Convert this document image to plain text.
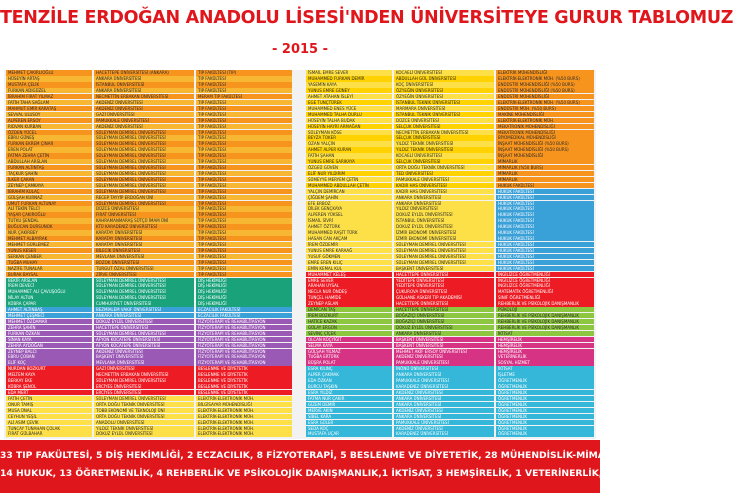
TENZİLE ERDOĞAN ANADOLU LİSESİ'NDEN ÜNİVERSİTEYE GURUR TABLOMUZ
- 2015 -
MEHMET ÇAKIRLIOĞLU
HÜSEYİN ARTAŞ
MUSTAFA ÇELİK
FURKAN ADIGÜZEL
İBRAHİM FIRAT YILMAZ
FATİH TAHA SAĞLAM
MAHMUT EMİR KARATAŞ
SEVVAL ULUSOY
ALPEREN ERSOY
RIDVAN KURBAN
ÖZDEN YÜCEL
EBRU GÜNEŞ
FURKAN EKREM ÇINAR
EREN POLAT
FATMA ZEHRA ÇETİN
ABDULLAH ARSLAN
FURKAN ALTINTAŞ
TAÇKUR ŞAHİN
İLKER ÇAKAN
ZEYNEP ÇAMKAYA
İBRAHİM KULAÇ
GÜLŞAH KURNAZ
UMUT FURKAN ALTUNAY
ALİ TEKİN TELCİ
YAŞAR ÇAKIROĞLU
TUTKU ŞENDAL
BUĞUCAN DURSUNOK
NUR ÇAKIRBEY
MEHMET ALBAYRAK
MEHMET GÜRLEMEZ
YUNUS KESER
SERKAN ÇENBER
TUĞBA MUHAY
NAZİFE TUNALAR
BURAK BAYSAL
BEKİR ARSLAN
İREM DEVECİ
MUHAMMET ALİ ÇAVUŞOĞLU
NİLAY ALTUN
KÜBRA ÇAPAR
AHMET ALTINBAŞ
MEHMET ÇEŞMECİ
MEHMET ÖZDAMAR
ZEHRA ŞAHİN
FURKAN ÖZKAN
SİNAN KAYA
ZEHRA AYDOĞAN
ZEYNEP BALCI
EBRU ÇOBAN
ELİF KOÇ
NURDAN BOZKURT
MELTEM KAYA
BERKAY EKE
KÜBRA ŞENOL
EDA MERT
FATİH ÇETİN
ONUR TAMIŞ
MUSA ÜNAL
CEYHUN YEŞİL
ALİ ASIM ÇEVİK
TUNCAY TUNAHAN ÇOLAK
FIRAT GÜLBAHAR
HACETTEPE ÜNİVERSİTESİ (ANKARA)
ANKARA ÜNİVERSİTESİ
İSTANBUL ÜNİVERSİTESİ
ANKARA ÜNİVERSİTESİ
NECMETTİN ERBAKAN ÜNİVERSİTESİ
AKDENİZ ÜNİVERSİTESİ
AKDENİZ ÜNİVERSİTESİ
GAZİ ÜNİVERSİTESİ
PAMUKKALE ÜNİVERSİTESİ
AKDENİZ ÜNİVERSİTESİ
SÜLEYMAN DEMİREL ÜNİVERSİTESİ
SÜLEYMAN DEMİREL ÜNİVERSİTESİ
SÜLEYMAN DEMİREL ÜNİVERSİTESİ
SÜLEYMAN DEMİREL ÜNİVERSİTESİ
SÜLEYMAN DEMİREL ÜNİVERSİTESİ
SÜLEYMAN DEMİREL ÜNİVERSİTESİ
SÜLEYMAN DEMİREL ÜNİVERSİTESİ
SÜLEYMAN DEMİREL ÜNİVERSİTESİ
SÜLEYMAN DEMİREL ÜNİVERSİTESİ
SÜLEYMAN DEMİREL ÜNİVERSİTESİ
SÜLEYMAN DEMİREL ÜNİVERSİTESİ
RECEP TAYYİP ERDOĞAN ÜNİ
SÜLEYMAN DEMİREL ÜNİVERSİTESİ
DÜZCE ÜNİVERSİTESİ
FIRAT ÜNİVERSİTESİ
KAHRAMANMARAŞ SÜTÇÜ İMAM ÜNİ
KTÜ KARADENİZ ÜNİVERSİTESİ
KARATAY ÜNİVERSİTESİ
KARATAY ÜNİVERSİTESİ
KARATAY ÜNİVERSİTESİ
BİLECİK ÜNİVERSİTESİ
MEVLANA ÜNİVERSİTESİ
BOZOK ÜNİVERSİTESİ
TURGUT ÖZAL ÜNİVERSİTESİ
ZİRVE ÜNİVERSİTESİ
SÜLEYMAN DEMİREL ÜNİVERSİTESİ
SÜLEYMAN DEMİREL ÜNİVERSİTESİ
SÜLEYMAN DEMİREL ÜNİVERSİTESİ
SÜLEYMAN DEMİREL ÜNİVERSİTESİ
CUMHURİYET ÜNİVERSİTESİ
BEZMİALEM VAKIF ÜNİVERSİTESİ
ANKARA ÜNİVERSİTESİ
DOKUZ EYLÜL ÜNİVERSİTESİ
HACETTEPE ÜNİVERSİTESİ
SÜLEYMAN DEMİREL ÜNİVERSİTESİ
AFYON KOCATEPE ÜNİVERSİTESİ
AFYON KOCATEPE ÜNİVERSİTESİ
AKDENİZ ÜNİVERSİTESİ
BAŞKENT ÜNİVERSİTESİ
MEVLANA ÜNİVERSİTESİ
GAZİ ÜNİVERSİTESİ
NECMETTİN ERBAKAN ÜNİVERSİTESİ
SÜLEYMAN DEMİREL ÜNİVERSİTESİ
ERCİYES ÜNİVERSİTESİ
ERCİYES ÜNİVERSİTESİ
SÜLEYMAN DEMİREL ÜNİVERSİTESİ
ORTA DOĞU TEKNİK ÜNİVERSİTESİ
TOBB EKONOMİ VE TEKNOLOJİ ÜNİ
ORTA DOĞU TEKNİK ÜNİVERSİTESİ
ANADOLU ÜNİVERSİTESİ
YILDIZ TEKNİK ÜNİVERSİTESİ
DOKUZ EYLÜL ÜNİVERSİTESİ
TIP FAKÜLTESİ (TIP)
TIP FAKÜLTESİ
TIP FAKÜLTESİ
TIP FAKÜLTESİ
MERAM TIP FAKÜLTESİ
TIP FAKÜLTESİ
TIP FAKÜLTESİ
TIP FAKÜLTESİ
TIP FAKÜLTESİ
TIP FAKÜLTESİ
TIP FAKÜLTESİ
TIP FAKÜLTESİ
TIP FAKÜLTESİ
TIP FAKÜLTESİ
TIP FAKÜLTESİ
TIP FAKÜLTESİ
TIP FAKÜLTESİ
TIP FAKÜLTESİ
TIP FAKÜLTESİ
TIP FAKÜLTESİ
TIP FAKÜLTESİ
TIP FAKÜLTESİ
TIP FAKÜLTESİ
TIP FAKÜLTESİ
TIP FAKÜLTESİ
TIP FAKÜLTESİ
TIP FAKÜLTESİ
TIP FAKÜLTESİ
TIP FAKÜLTESİ
TIP FAKÜLTESİ
TIP FAKÜLTESİ
TIP FAKÜLTESİ
TIP FAKÜLTESİ
TIP FAKÜLTESİ
TIP FAKÜLTESİ
DİŞ HEKİMLİĞİ
DİŞ HEKİMLİĞİ
DİŞ HEKİMLİĞİ
DİŞ HEKİMLİĞİ
DİŞ HEKİMLİĞİ
ECZACILIK FAKÜLTESİ
ECZACILIK FAKÜLTESİ
FİZYOTERAPİ VE REHABİLİTASYON
FİZYOTERAPİ VE REHABİLİTASYON
FİZYOTERAPİ VE REHABİLİTASYON
FİZYOTERAPİ VE REHABİLİTASYON
FİZYOTERAPİ VE REHABİLİTASYON
FİZYOTERAPİ VE REHABİLİTASYON
FİZYOTERAPİ VE REHABİLİTASYON
FİZYOTERAPİ VE REHABİLİTASYON
BESLENME VE DİYETETİK
BESLENME VE DİYETETİK
BESLENME VE DİYETETİK
BESLENME VE DİYETETİK
BESLENME VE DİYETETİK
ELEKTRİK-ELEKTRONİK MÜH.
BİLGİSAYAR MÜHENDİSLİĞİ
ELEKTRİK-ELEKTRONİK MÜH.
ELEKTRİK-ELEKTRONİK MÜH.
ELEKTRİK-ELEKTRONİK MÜH.
ELEKTRİK-ELEKTRONİK MÜH.
ELEKTRİK-ELEKTRONİK MÜH.
İSMAİL EMRE SEVER
MUHAMMED FURKAN DEMİR
YASEMİN KAYA
YUNUS EMRE GÜNEY
AHMET ATAHAN İSLEYİ
EGE TUNÇTÜREK
MUHAMMED ENES YÜCE
MUHAMMED TALHA DURLU
HÜSEYİN TALHA BUDAK
HÜSEYİN HAYRİ ARMAĞAN
SÜLEYMAN KÖSE
BEYZA TOKER
OZAN YALÇIN
AHMET ALPER KURAN
FATİH ŞAHAN
YUNUS EMRE SARIKAYA
ÖZGEÜ GÜVEN
ELİF NUR YILDIRIM
SÜMEYYE MERYEM ÇETİN
MUHAMMED ABDULLAH ÇETİN
YALÇIN DEMİRCAN
ÇİĞDEM ŞAHİN
EFE ERBOZ
DİLEK GENÇKAYA
ALPEREN YÜKSEL
İSMAİL SİVRİ
AHMET ÖZTÜRK
MUHAMMED RAŞİT TÜRK
HASAN CAN AKÇAM
İREM ÖZDEMİR
YUNUS EMRE KARAAĞ
YUSUF GÖKMEN
EMRE EREN KILIÇ
EMİN KEMAL KUL
MUHAMMET KELEŞ
EMRE SEVER
ARAHAN UYSAL
NECLA NUR ÖNDEŞ
TUNÇEL HAMİDE
ZEYNEP ASLAN
DEMİCAN TAŞ
İREM BOZKURT
HATİCE KAZAK
GÜLAY ERGÜN
SEVİNÇ ÇİÇEK
OLCAN KOÇYİĞİT
SELMA KAYA
GÜLŞAH YILMAZ
TUĞBA ERTÜRK
BÜŞRA POLAT
ESRA KILINÇ
ALPER ÇAKMAK
EDA ÖZKAN
BURCU TAŞKIN
ESRA YILDIZ
FATMA NUR ÇAKIR
GİZEM DEMİR
MERVE AKIN
SİBEL KARA
ESRA GÜLER
SEDA KOÇ
MUSTAFA UÇAR
KOCAELİ ÜNİVERSİTESİ
ABDULLAH GÜL ÜNİVERSİTESİ
KOÇ ÜNİVERSİTESİ
ÖZYEĞİN ÜNİVERSİTESİ
ÖZYEĞİN ÜNİVERSİTESİ
İSTANBUL TEKNİK ÜNİVERSİTESİ
MARMARA ÜNİVERSİTESİ
İSTANBUL TEKNİK ÜNİVERSİTESİ
DÜZCE ÜNİVERSİTESİ
SELÇUK ÜNİVERSİTESİ
NECMETTİN ERBAKAN ÜNİVERSİTESİ
SELÇUK ÜNİVERSİTESİ
YILDIZ TEKNİK ÜNİVERSİTESİ
YILDIZ TEKNİK ÜNİVERSİTESİ
KOCAELİ ÜNİVERSİTESİ
SELÇUK ÜNİVERSİTESİ
ORTA DOĞU TEKNİK ÜNİVERSİTESİ
TED ÜNİVERSİTESİ
PAMUKKALE ÜNİVERSİTESİ
KADIR HAS ÜNİVERSİTESİ
KADIR HAS ÜNİVERSİTESİ
ANKARA ÜNİVERSİTESİ
ANKARA ÜNİVERSİTESİ
YILDIZ ÜNİVERSİTESİ
DOKUZ EYLÜL ÜNİVERSİTESİ
İSTANBUL ÜNİVERSİTESİ
DOKUZ EYLÜL ÜNİVERSİTESİ
İZMİR EKONOMİ ÜNİVERSİTESİ
İZMİR EKONOMİ ÜNİVERSİTESİ
SÜLEYMAN DEMİREL ÜNİVERSİTESİ
SÜLEYMAN DEMİREL ÜNİVERSİTESİ
SÜLEYMAN DEMİREL ÜNİVERSİTESİ
SÜLEYMAN DEMİREL ÜNİVERSİTESİ
BAŞKENT ÜNİVERSİTESİ
HACETTEPE ÜNİVERSİTESİ
YEDİTEPE ÜNİVERSİTESİ
YEDİTEPE ÜNİVERSİTESİ
ÇUKUROVA ÜNİVERSİTESİ
GÜLHANE ASKERİ TIP AKADEMİSİ
HACETTEPE ÜNİVERSİTESİ
HACETTEPE ÜNİVERSİTESİ
BOĞAZİÇİ ÜNİVERSİTESİ
BOĞAZİÇİ ÜNİVERSİTESİ
DOKUZ EYLÜL ÜNİVERSİTESİ
ANKARA ÜNİVERSİTESİ
BAŞKENT ÜNİVERSİTESİ
BAŞKENT ÜNİVERSİTESİ
MEHMET AKİF ERSOY ÜNİVERSİTESİ
AKDENİZ ÜNİVERSİTESİ
PAMUKKALE ÜNİVERSİTESİ
İNÖNÜ ÜNİVERSİTESİ
ANKARA ÜNİVERSİTESİ
PAMUKKALE ÜNİVERSİTESİ
KARADENİZ ÜNİVERSİTESİ
AKDENİZ ÜNİVERSİTESİ
ANKARA ÜNİVERSİTESİ
ANKARA ÜNİVERSİTESİ
AKDENİZ ÜNİVERSİTESİ
ANKARA ÜNİVERSİTESİ
PAMUKKALE ÜNİVERSİTESİ
AKDENİZ ÜNİVERSİTESİ
KARADENİZ ÜNİVERSİTESİ
ELEKTRİK MÜHENDİSLİĞİ
ELEKTRİK-ELEKTRONİK MÜH. (%50 BURS)
ENDÜSTRİ MÜHENDİSLİĞİ (%50 BURS)
ENDÜSTRİ MÜHENDİSLİĞİ (%50 BURS)
ENDÜSTRİ MÜHENDİSLİĞİ
ELEKTRİK-ELEKTRONİK MÜH. (%50 BURS)
ENDÜSTRİ MÜH. (%50 BURS)
MAKİNE MÜHENDİSLİĞİ
ELEKTRİK-ELEKTRONİK MÜH.
MEKATRONİK MÜHENDİSLİĞİ
MEKATRONİK MÜHENDİSLİĞİ
BİYOMEDİKAL MÜHENDİSLİĞİ
İNŞAAT MÜHENDİSLİĞİ (%50 BURS)
İNŞAAT MÜHENDİSLİĞİ (%50 BURS)
İNŞAAT MÜHENDİSLİĞİ
MİMARLIK
MİMARLIK (%50 BURS)
MİMARLIK
MİMARLIK
HUKUK FAKÜLTESİ
HUKUK FAKÜLTESİ
HUKUK FAKÜLTESİ
HUKUK FAKÜLTESİ
HUKUK FAKÜLTESİ
HUKUK FAKÜLTESİ
HUKUK FAKÜLTESİ
HUKUK FAKÜLTESİ
HUKUK FAKÜLTESİ
HUKUK FAKÜLTESİ
HUKUK FAKÜLTESİ
HUKUK FAKÜLTESİ
HUKUK FAKÜLTESİ
HUKUK FAKÜLTESİ
HUKUK FAKÜLTESİ
İNGİLİZCE ÖĞRETMENLİĞİ
İNGİLİZCE ÖĞRETMENLİĞİ
İNGİLİZCE ÖĞRETMENLİĞİ
MATEMATİK ÖĞRETMENLİĞİ
SINIF ÖĞRETMENLİĞİ
REHBERLİK VE PSİKOLOJİK DANIŞMANLIK
PSİKOLOJİ
REHBERLİK VE PSİKOLOJİK DANIŞMANLIK
REHBERLİK VE PSİKOLOJİK DANIŞMANLIK
REHBERLİK VE PSİKOLOJİK DANIŞMANLIK
İKTİSAT
HEMŞİRELİK
HEMŞİRELİK
HEMŞİRELİK
VETERİNERLİK
SOSYAL HİZMET
İKTİSAT
İŞLETME
ÖĞRETMENLİK
ÖĞRETMENLİK
ÖĞRETMENLİK
ÖĞRETMENLİK
ÖĞRETMENLİK
ÖĞRETMENLİK
ÖĞRETMENLİK
ÖĞRETMENLİK
ÖĞRETMENLİK
ÖĞRETMENLİK
33 TIP FAKÜLTESİ, 5 DİŞ HEKİMLİĞİ, 2 ECZACILIK, 8 FİZYOTERAPİ, 5 BESLENME VE DİYETETİK, 28 MÜHENDİSLİK-MİMARLIK
14 HUKUK, 13 ÖĞRETMENLİK, 4 REHBERLİK VE PSİKOLOJİK DANIŞMANLIK,1 İKTİSAT, 3 HEMŞİRELİK, 1 VETERİNERLİK, 1 SOSYAL HİZ.
